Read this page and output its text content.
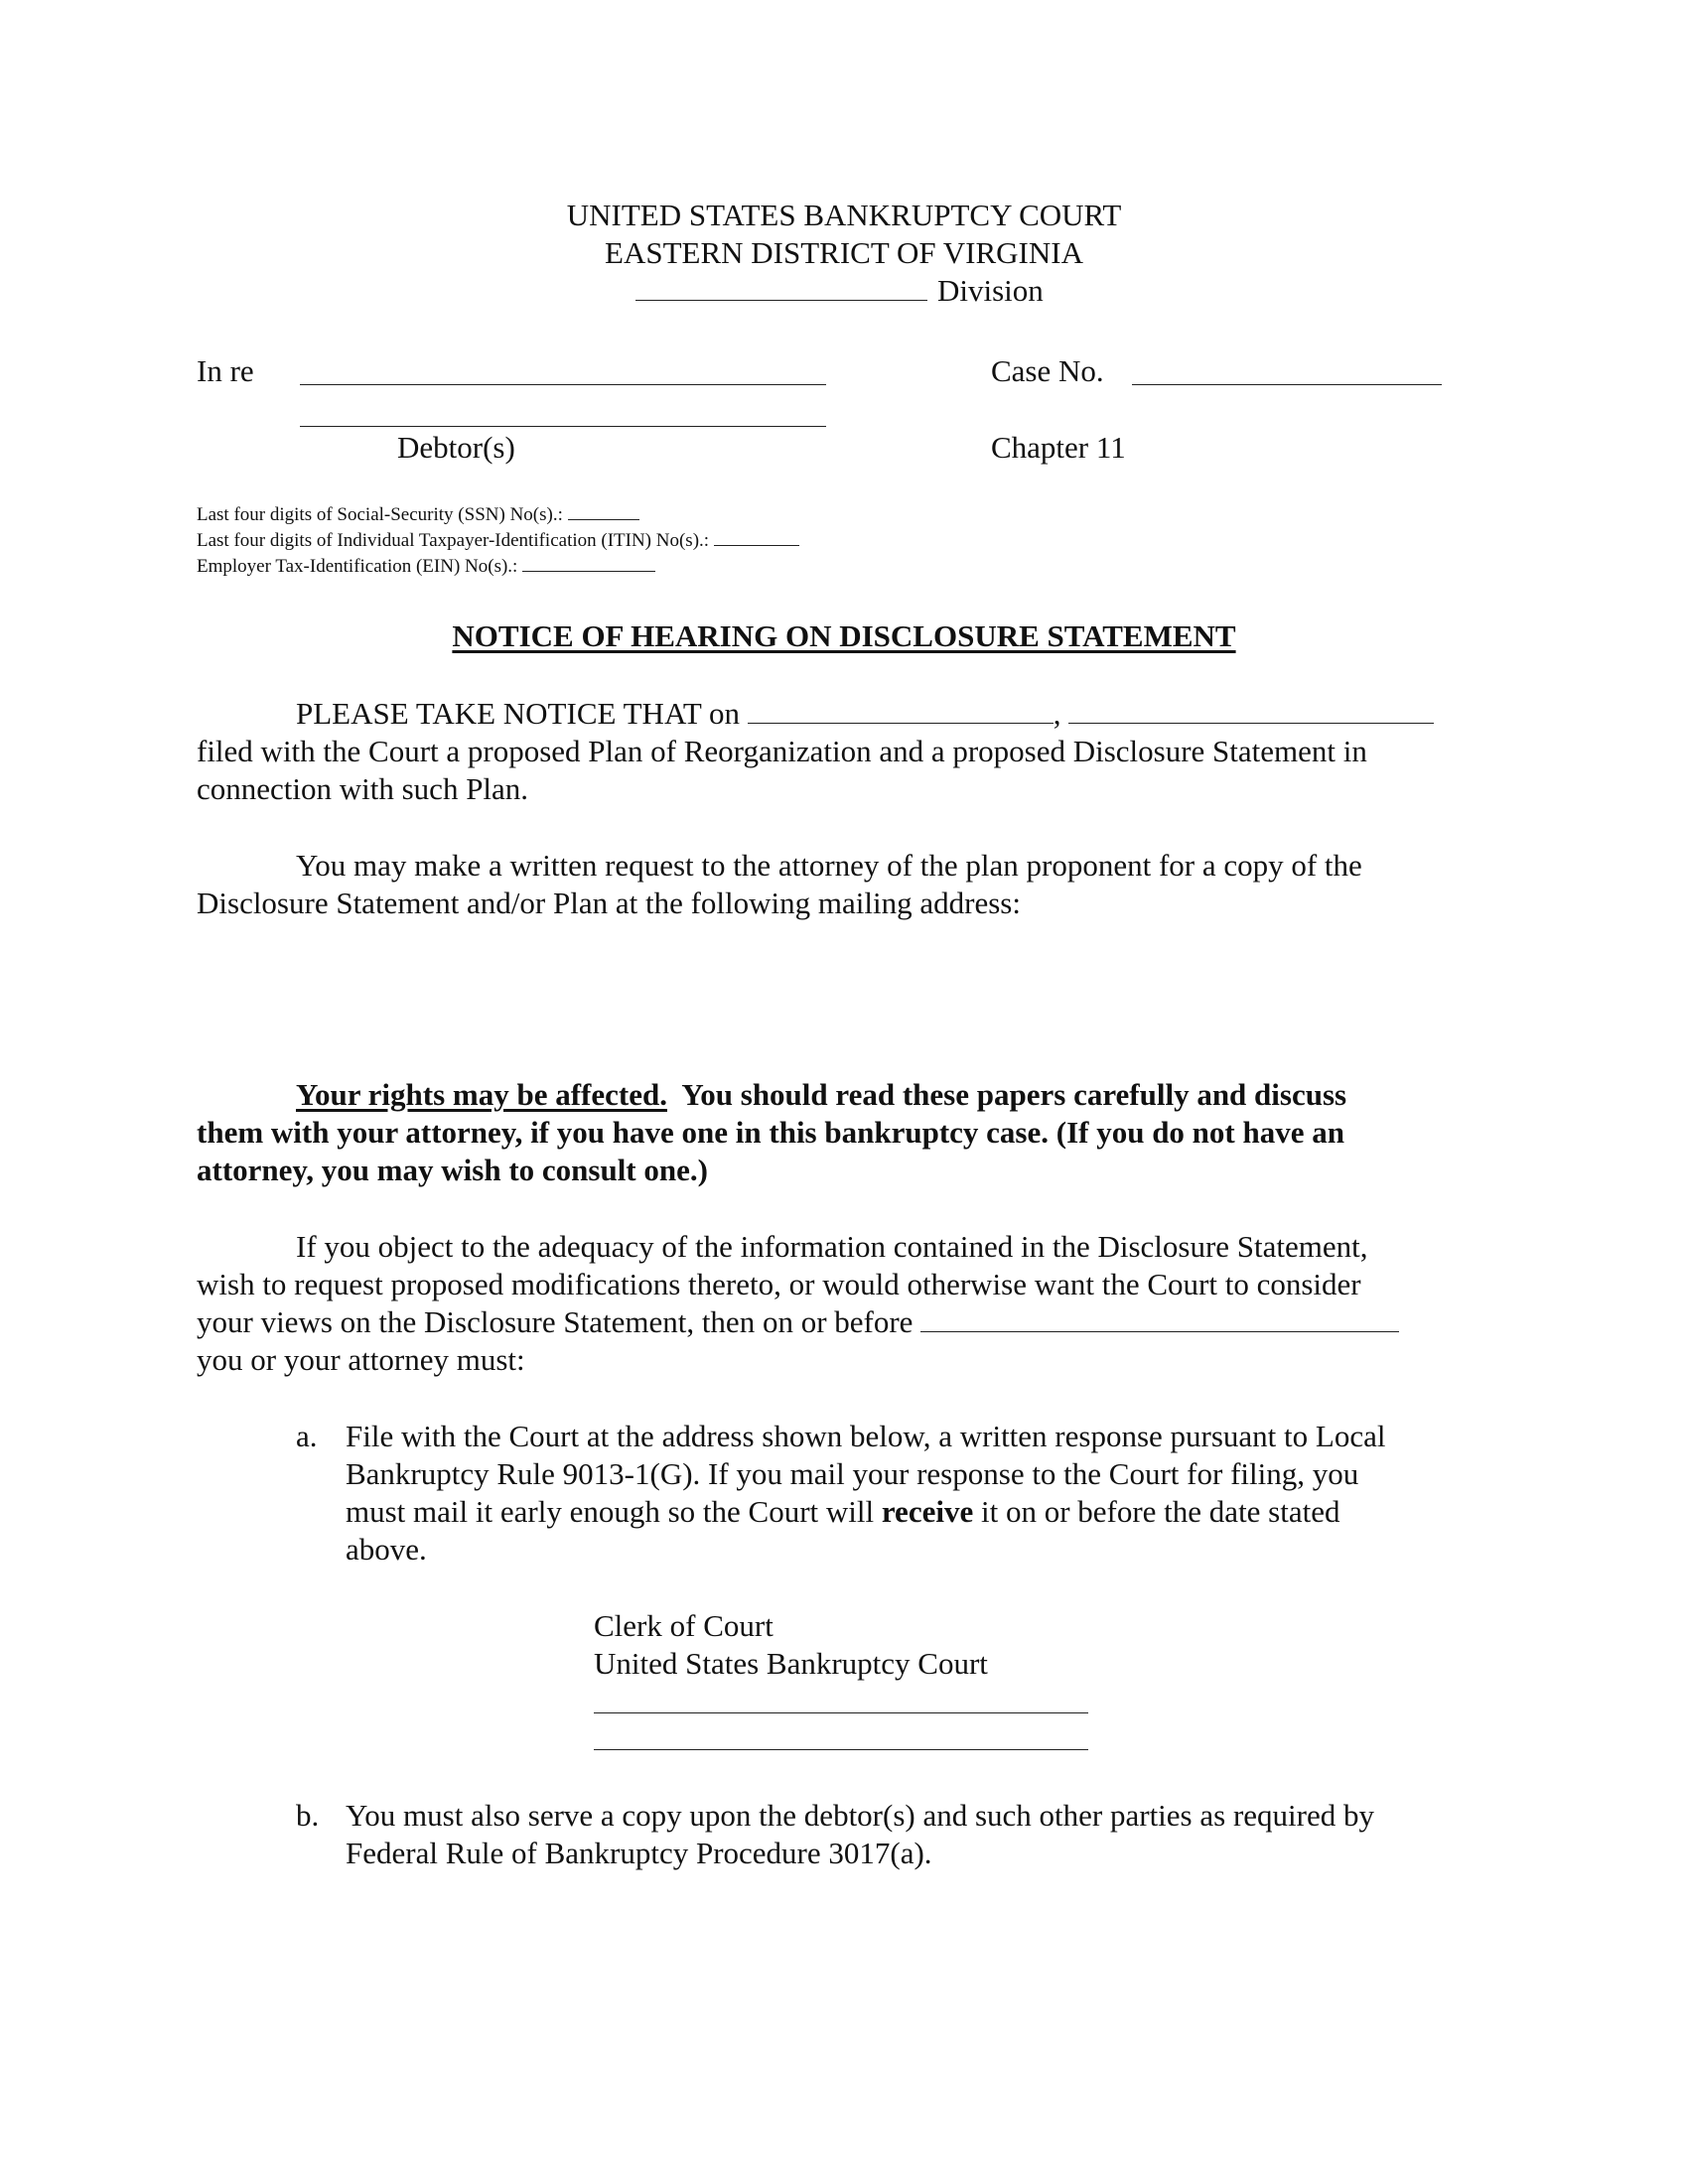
UNITED STATES BANKRUPTCY COURT
EASTERN DISTRICT OF VIRGINIA
Division
In re
Debtor(s)
Case No.
Chapter 11
Last four digits of Social-Security (SSN) No(s).:
Last four digits of Individual Taxpayer-Identification (ITIN) No(s).:
Employer Tax-Identification (EIN) No(s).:
NOTICE OF HEARING ON DISCLOSURE STATEMENT
PLEASE TAKE NOTICE THAT on	,
filed with the Court a proposed Plan of Reorganization and a proposed Disclosure Statement in
connection with such Plan.
You may make a written request to the attorney of the plan proponent for a copy of the
Disclosure Statement and/or Plan at the following mailing address:
Your rights may be affected. You should read these papers carefully and discuss
them with your attorney, if you have one in this bankruptcy case. (If you do not have an
attorney, you may wish to consult one.)
If you object to the adequacy of the information contained in the Disclosure Statement,
wish to request proposed modifications thereto, or would otherwise want the Court to consider
your views on the Disclosure Statement, then on or before
you or your attorney must:
a. File with the Court at the address shown below, a written response pursuant to Local
Bankruptcy Rule 9013-1(G). If you mail your response to the Court for filing, you
must mail it early enough so the Court will receive it on or before the date stated
above.
Clerk of Court
United States Bankruptcy Court
b. You must also serve a copy upon the debtor(s) and such other parties as required by
Federal Rule of Bankruptcy Procedure 3017(a).
